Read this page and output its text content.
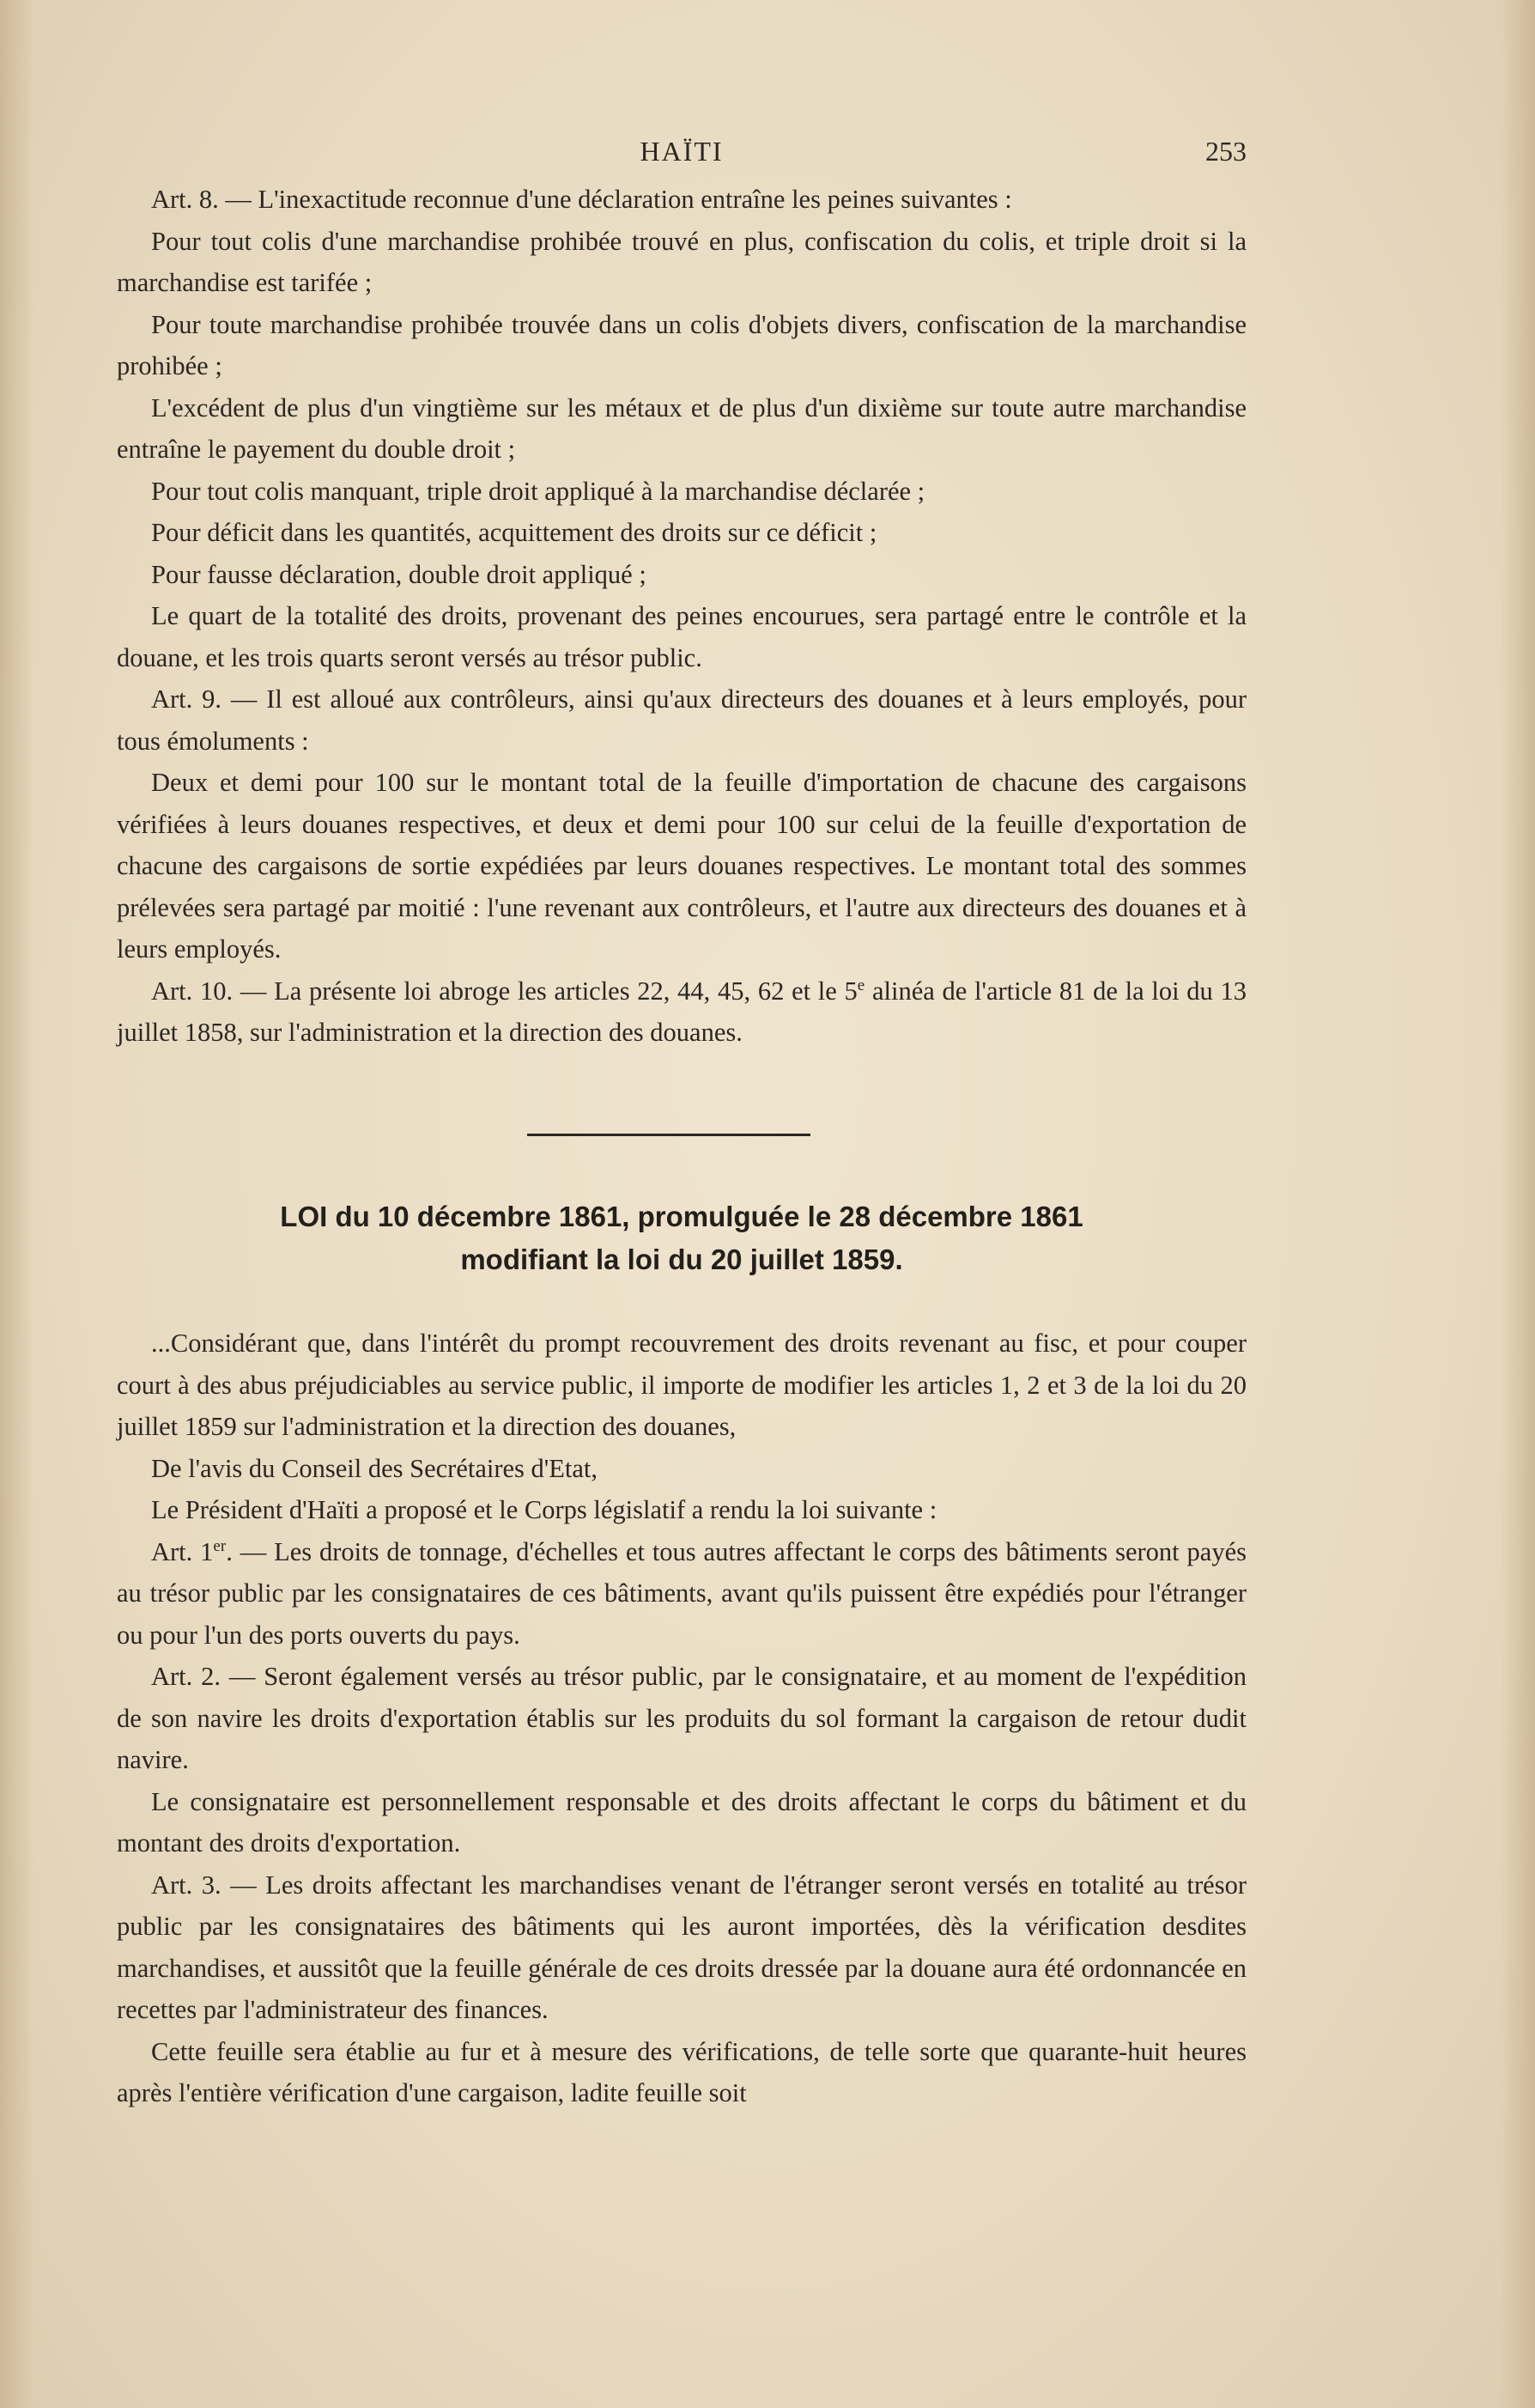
HAÏTI	253

Art. 8. — L'inexactitude reconnue d'une déclaration entraîne les peines suivantes :

Pour tout colis d'une marchandise prohibée trouvé en plus, confiscation du colis, et triple droit si la marchandise est tarifée ;

Pour toute marchandise prohibée trouvée dans un colis d'objets divers, confiscation de la marchandise prohibée ;

L'excédent de plus d'un vingtième sur les métaux et de plus d'un dixième sur toute autre marchandise entraîne le payement du double droit ;

Pour tout colis manquant, triple droit appliqué à la marchandise déclarée ;

Pour déficit dans les quantités, acquittement des droits sur ce déficit ;

Pour fausse déclaration, double droit appliqué ;

Le quart de la totalité des droits, provenant des peines encourues, sera partagé entre le contrôle et la douane, et les trois quarts seront versés au trésor public.

Art. 9. — Il est alloué aux contrôleurs, ainsi qu'aux directeurs des douanes et à leurs employés, pour tous émoluments :

Deux et demi pour 100 sur le montant total de la feuille d'importation de chacune des cargaisons vérifiées à leurs douanes respectives, et deux et demi pour 100 sur celui de la feuille d'exportation de chacune des cargaisons de sortie expédiées par leurs douanes respectives. Le montant total des sommes prélevées sera partagé par moitié : l'une revenant aux contrôleurs, et l'autre aux directeurs des douanes et à leurs employés.

Art. 10. — La présente loi abroge les articles 22, 44, 45, 62 et le 5e alinéa de l'article 81 de la loi du 13 juillet 1858, sur l'administration et la direction des douanes.

LOI du 10 décembre 1861, promulguée le 28 décembre 1861
modifiant la loi du 20 juillet 1859.

...Considérant que, dans l'intérêt du prompt recouvrement des droits revenant au fisc, et pour couper court à des abus préjudiciables au service public, il importe de modifier les articles 1, 2 et 3 de la loi du 20 juillet 1859 sur l'administration et la direction des douanes,

De l'avis du Conseil des Secrétaires d'Etat,

Le Président d'Haïti a proposé et le Corps législatif a rendu la loi suivante :

Art. 1er. — Les droits de tonnage, d'échelles et tous autres affectant le corps des bâtiments seront payés au trésor public par les consignataires de ces bâtiments, avant qu'ils puissent être expédiés pour l'étranger ou pour l'un des ports ouverts du pays.

Art. 2. — Seront également versés au trésor public, par le consignataire, et au moment de l'expédition de son navire les droits d'exportation établis sur les produits du sol formant la cargaison de retour dudit navire.

Le consignataire est personnellement responsable et des droits affectant le corps du bâtiment et du montant des droits d'exportation.

Art. 3. — Les droits affectant les marchandises venant de l'étranger seront versés en totalité au trésor public par les consignataires des bâtiments qui les auront importées, dès la vérification desdites marchandises, et aussitôt que la feuille générale de ces droits dressée par la douane aura été ordonnancée en recettes par l'administrateur des finances.

Cette feuille sera établie au fur et à mesure des vérifications, de telle sorte que quarante-huit heures après l'entière vérification d'une cargaison, ladite feuille soit
